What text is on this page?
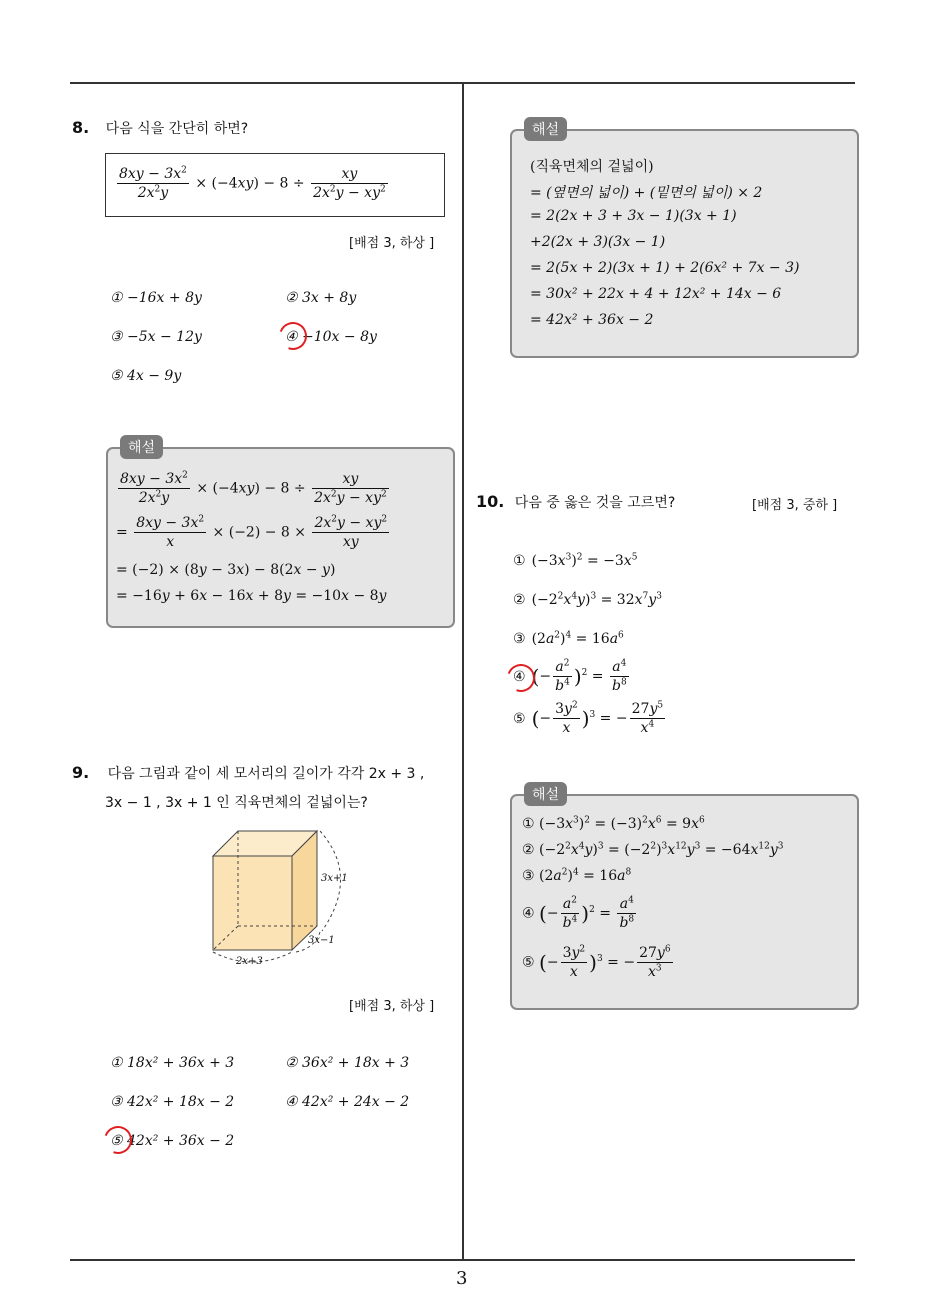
3
8. 다음 식을 간단히 하면?
$\frac{8xy - 3x^2}{2x^2y} \times (-4xy) - 8 \div \frac{xy}{2x^2y - xy^2}$
[배점 3, 하상 ]
① −16x + 8y	② 3x + 8y
③ −5x − 12y	④ −10x − 8y
⑤ 4x − 9y
해설
$\frac{8xy - 3x^2}{2x^2y} \times (-4xy) - 8 \div \frac{xy}{2x^2y - xy^2}$
= $\frac{8xy - 3x^2}{x} \times (-2) - 8 \times \frac{2x^2y - xy^2}{xy}$
= (−2) × (8y − 3x) − 8(2x − y)
= −16y + 6x − 16x + 8y = −10x − 8y
9. 다음 그림과 같이 세 모서리의 길이가 각각 2x + 3 ,
3x − 1 , 3x + 1 인 직육면체의 겉넓이는?
3x+1
3x−1
2x+3
[배점 3, 하상 ]
① 18x² + 36x + 3	② 36x² + 18x + 3
③ 42x² + 18x − 2	④ 42x² + 24x − 2
⑤ 42x² + 36x − 2
해설
(직육면체의 겉넓이)
= (옆면의 넓이) + (밑면의 넓이) × 2
= 2(2x + 3 + 3x − 1)(3x + 1)
+2(2x + 3)(3x − 1)
= 2(5x + 2)(3x + 1) + 2(6x² + 7x − 3)
= 30x² + 22x + 4 + 12x² + 14x − 6
= 42x² + 36x − 2
10. 다음 중 옳은 것을 고르면?	[배점 3, 중하 ]
① $(-3x^3)^2 = -3x^5$
② $(-2^2x^4y)^3 = 32x^7y^3$
③ $(2a^2)^4 = 16a^6$
④ (− $\frac{a^2}{b^4} )^2 = \frac{a^4}{b^8}$
⑤ (− $\frac{3y^2}{x} )^3$ = − $\frac{27y^5}{x^4}$
해설
① $(-3x^3)^2 = (-3)^2x^6 = 9x^6$
② $(-2^2x^4y)^3 = (-2^2)^3x^{12}y^3 = -64x^{12}y^3$
③ $(2a^2)^4 = 16a^8$
④ (− $\frac{a^2}{b^4} )^2 = \frac{a^4}{b^8}$
⑤ (− $\frac{3y^2}{x} )^3$ = − $\frac{27y^6}{x^3}$
